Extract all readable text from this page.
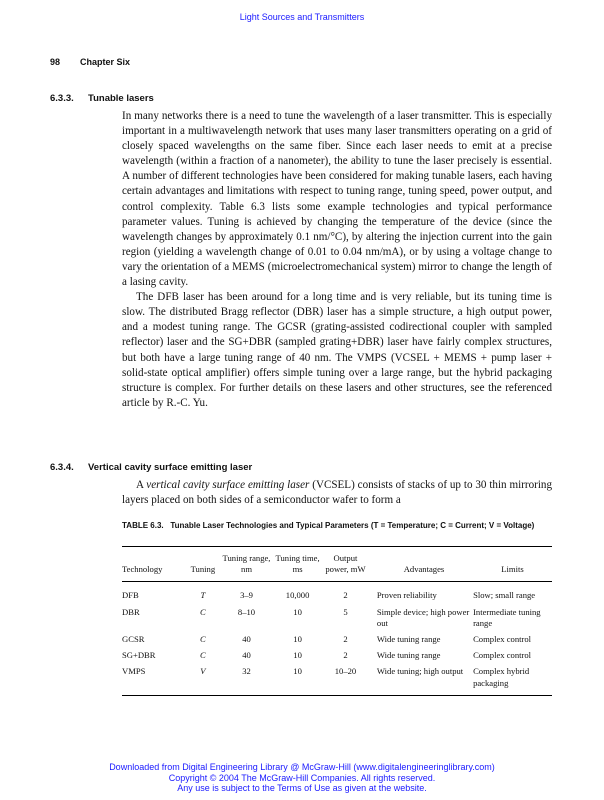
Light Sources and Transmitters
98 Chapter Six
6.3.3. Tunable lasers

In many networks there is a need to tune the wavelength of a laser transmitter. This is especially important in a multiwavelength network that uses many laser transmitters operating on a grid of closely spaced wavelengths on the same fiber. Since each laser needs to emit at a precise wavelength (within a fraction of a nanometer), the ability to tune the laser precisely is essential. A number of different technologies have been considered for making tunable lasers, each having certain advantages and limitations with respect to tuning range, tuning speed, power output, and control complexity. Table 6.3 lists some example technologies and typical performance parameter values. Tuning is achieved by changing the temperature of the device (since the wavelength changes by approximately 0.1 nm/°C), by altering the injection current into the gain region (yielding a wavelength change of 0.01 to 0.04 nm/mA), or by using a voltage change to vary the orientation of a MEMS (microelectromechanical system) mirror to change the length of a lasing cavity.

The DFB laser has been around for a long time and is very reliable, but its tuning time is slow. The distributed Bragg reflector (DBR) laser has a simple structure, a high output power, and a modest tuning range. The GCSR (grating-assisted codirectional coupler with sampled reflector) laser and the SG+DBR (sampled grating+DBR) laser have fairly complex structures, but both have a large tuning range of 40 nm. The VMPS (VCSEL + MEMS + pump laser + solid-state optical amplifier) offers simple tuning over a large range, but the hybrid packaging structure is complex. For further details on these lasers and other structures, see the referenced article by R.-C. Yu.

6.3.4. Vertical cavity surface emitting laser

A vertical cavity surface emitting laser (VCSEL) consists of stacks of up to 30 thin mirroring layers placed on both sides of a semiconductor wafer to form a

TABLE 6.3. Tunable Laser Technologies and Typical Parameters (T = Temperature; C = Current; V = Voltage)
Technology	Tuning	Tuning range, nm	Tuning time, ms	Output power, mW	Advantages	Limits
DFB	T	3–9	10,000	2	Proven reliability	Slow; small range
DBR	C	8–10	10	5	Simple device; high power out	Intermediate tuning range
GCSR	C	40	10	2	Wide tuning range	Complex control
SG+DBR	C	40	10	2	Wide tuning range	Complex control
VMPS	V	32	10	10–20	Wide tuning; high output	Complex hybrid packaging
Downloaded from Digital Engineering Library @ McGraw-Hill (www.digitalengineeringlibrary.com)
Copyright © 2004 The McGraw-Hill Companies. All rights reserved.
Any use is subject to the Terms of Use as given at the website.
